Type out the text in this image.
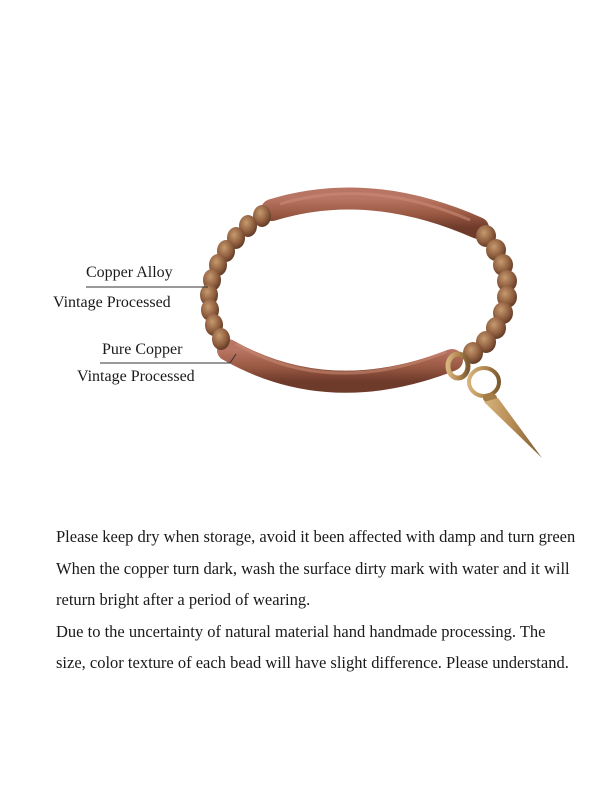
Copper Alloy
Vintage Processed
Pure Copper
Vintage Processed

Please keep dry when storage, avoid it been affected with damp and turn green

When the copper turn dark, wash the surface dirty mark with water and it will return bright after a period of wearing.

Due to the uncertainty of natural material hand handmade processing. The size, color texture of each bead will have slight difference. Please understand.
